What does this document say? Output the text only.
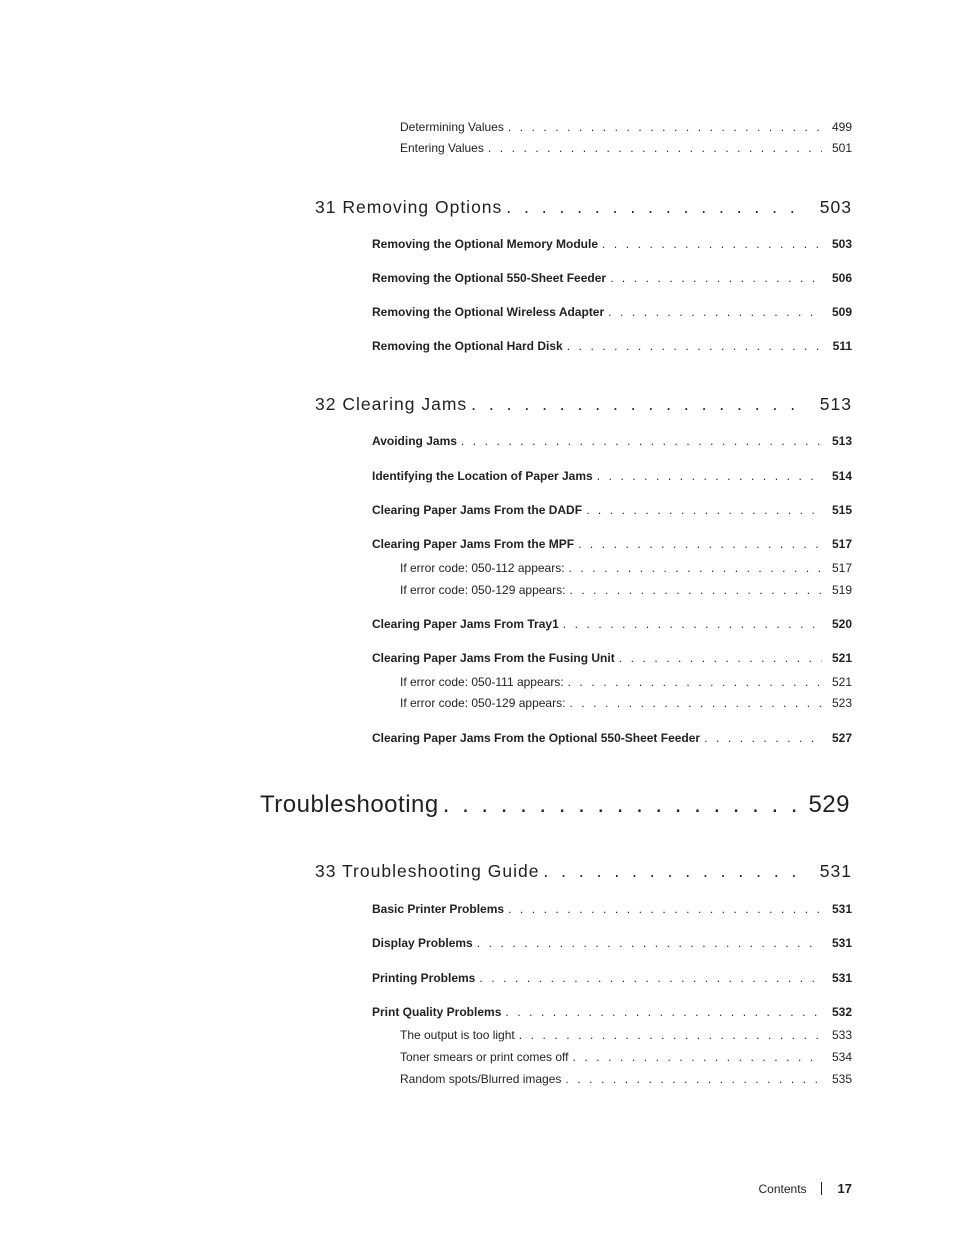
Determining Values . . .	499
Entering Values . . .	501
31 Removing Options . . .	503
Removing the Optional Memory Module . . .	503
Removing the Optional 550-Sheet Feeder . . .	506
Removing the Optional Wireless Adapter . . .	509
Removing the Optional Hard Disk . . .	511
32 Clearing Jams . . .	513
Avoiding Jams . . .	513
Identifying the Location of Paper Jams . . .	514
Clearing Paper Jams From the DADF . . .	515
Clearing Paper Jams From the MPF . . .	517
If error code: 050-112 appears: . . .	517
If error code: 050-129 appears: . . .	519
Clearing Paper Jams From Tray1 . . .	520
Clearing Paper Jams From the Fusing Unit . . .	521
If error code: 050-111 appears: . . .	521
If error code: 050-129 appears: . . .	523
Clearing Paper Jams From the Optional 550-Sheet Feeder . . .	527
Troubleshooting . . .	529
33 Troubleshooting Guide . . .	531
Basic Printer Problems . . .	531
Display Problems . . .	531
Printing Problems . . .	531
Print Quality Problems . . .	532
The output is too light . . .	533
Toner smears or print comes off . . .	534
Random spots/Blurred images . . .	535
Contents 17
